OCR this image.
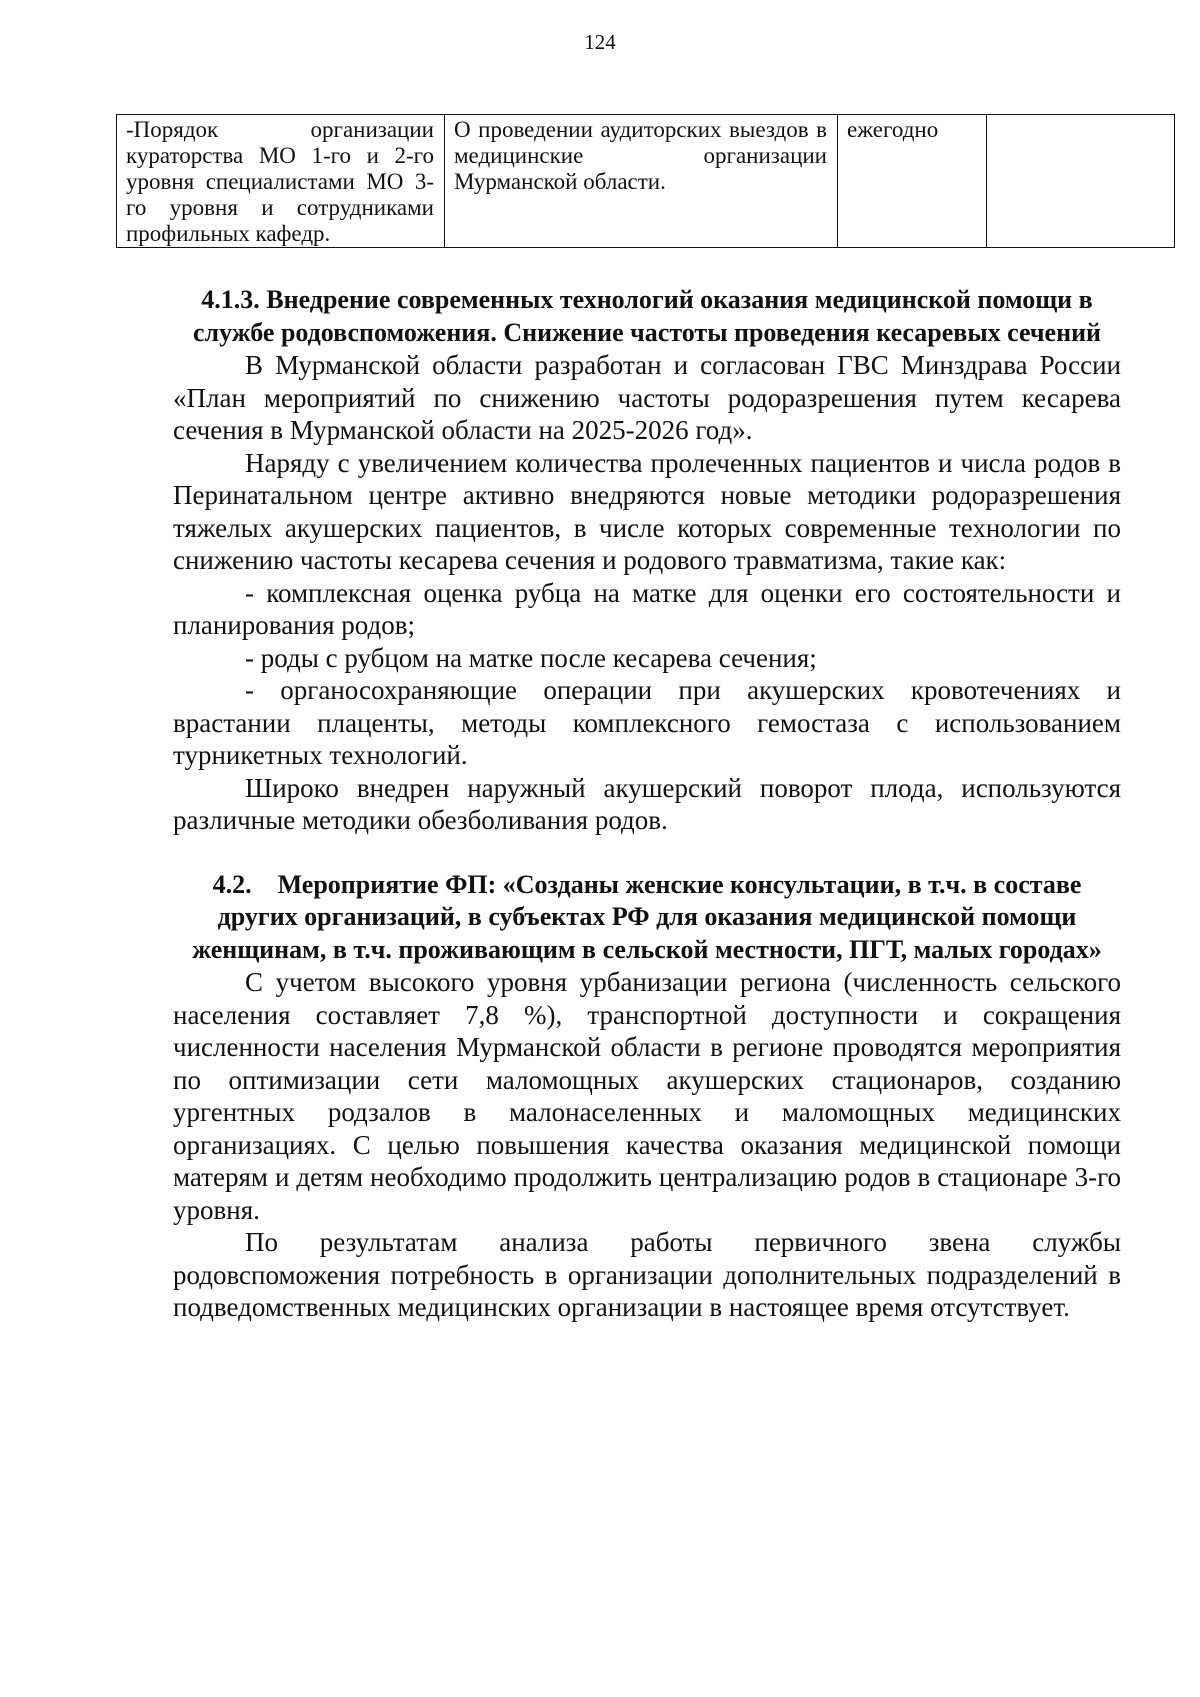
124
-Порядок организации кураторства МО 1-го и 2-го уровня специалистами МО 3-го уровня и сотрудниками профильных кафедр.	О проведении аудиторских выездов в медицинские организации Мурманской области.	ежегодно	
4.1.3. Внедрение современных технологий оказания медицинской помощи в службе родовспоможения. Снижение частоты проведения кесаревых сечений

В Мурманской области разработан и согласован ГВС Минздрава России «План мероприятий по снижению частоты родоразрешения путем кесарева сечения в Мурманской области на 2025-2026 год».

Наряду с увеличением количества пролеченных пациентов и числа родов в Перинатальном центре активно внедряются новые методики родоразрешения тяжелых акушерских пациентов, в числе которых современные технологии по снижению частоты кесарева сечения и родового травматизма, такие как:

- комплексная оценка рубца на матке для оценки его состоятельности и планирования родов;

- роды с рубцом на матке после кесарева сечения;

- органосохраняющие операции при акушерских кровотечениях и врастании плаценты, методы комплексного гемостаза с использованием турникетных технологий.

Широко внедрен наружный акушерский поворот плода, используются различные методики обезболивания родов.

4.2. Мероприятие ФП: «Созданы женские консультации, в т.ч. в составе других организаций, в субъектах РФ для оказания медицинской помощи женщинам, в т.ч. проживающим в сельской местности, ПГТ, малых городах»

С учетом высокого уровня урбанизации региона (численность сельского населения составляет 7,8 %), транспортной доступности и сокращения численности населения Мурманской области в регионе проводятся мероприятия по оптимизации сети маломощных акушерских стационаров, созданию ургентных родзалов в малонаселенных и маломощных медицинских организациях. С целью повышения качества оказания медицинской помощи матерям и детям необходимо продолжить централизацию родов в стационаре 3-го уровня.

По результатам анализа работы первичного звена службы родовспоможения потребность в организации дополнительных подразделений в подведомственных медицинских организации в настоящее время отсутствует.
